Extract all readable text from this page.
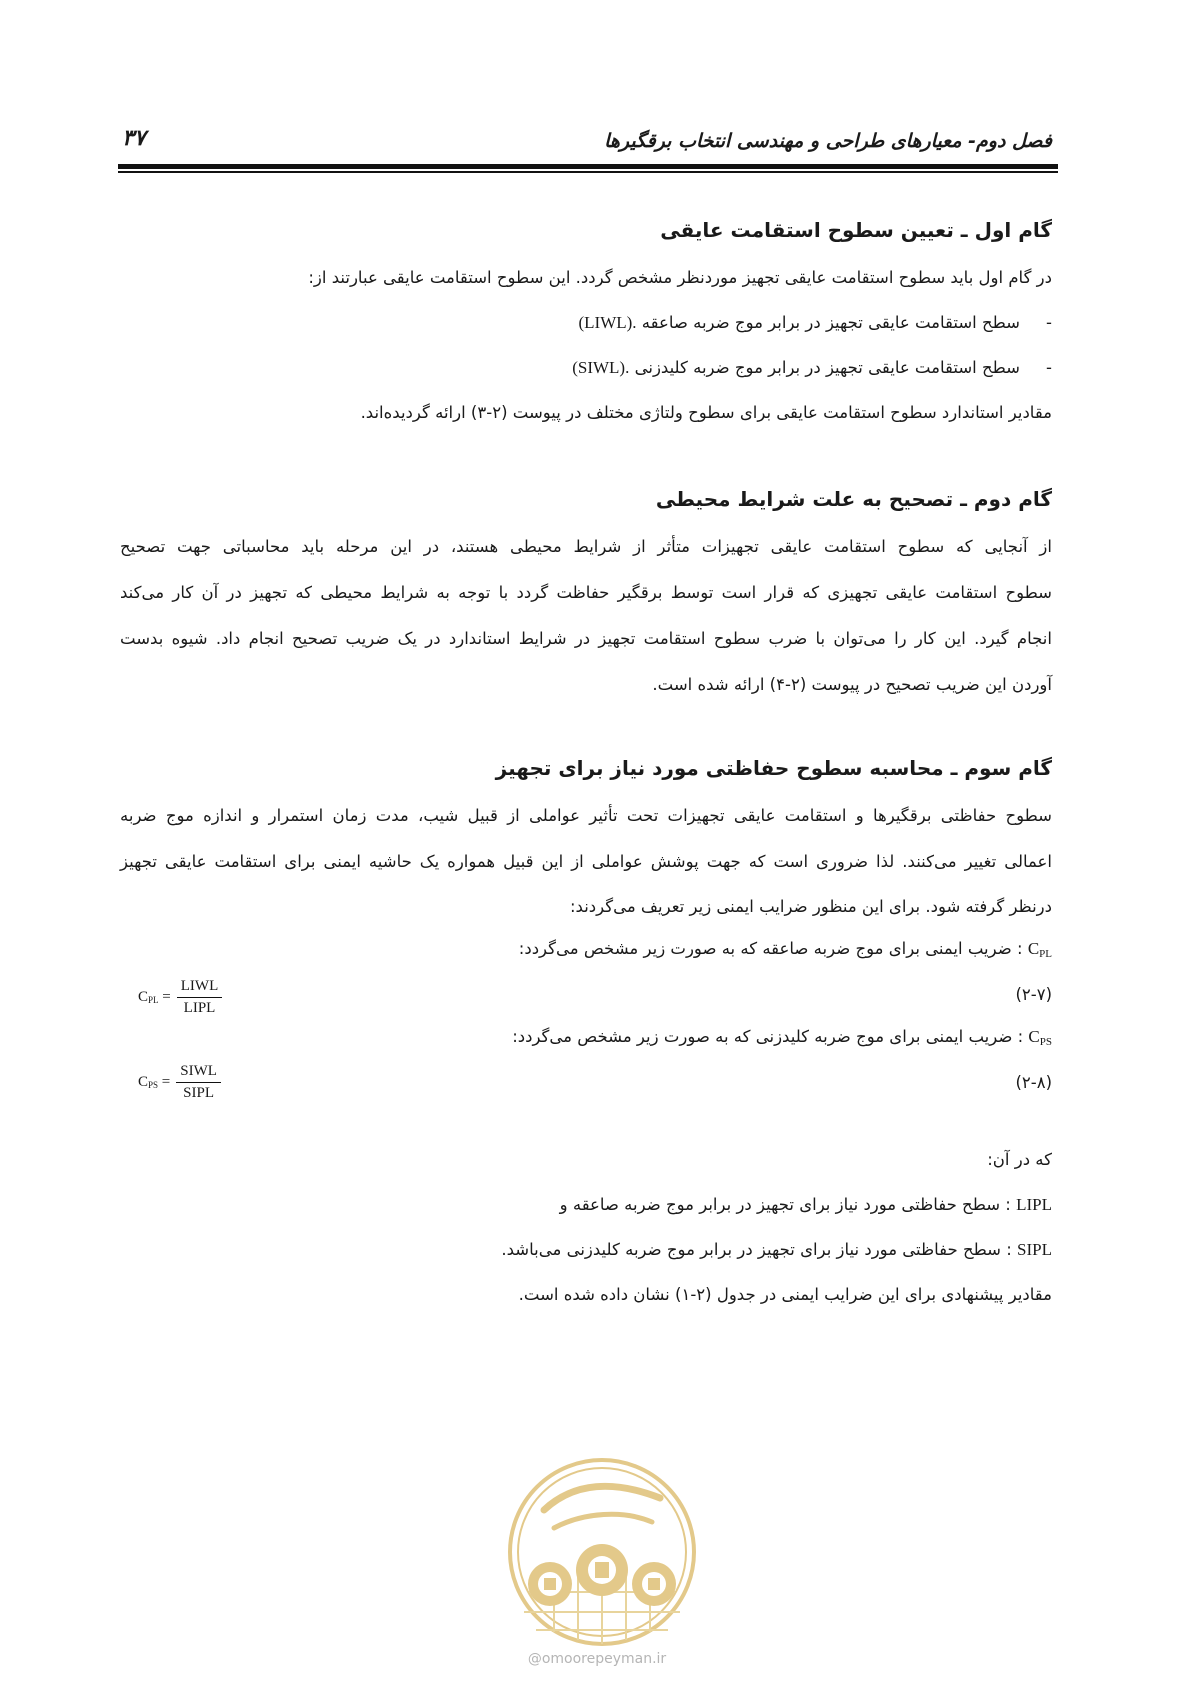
فصل دوم- معیارهای طراحی و مهندسی انتخاب برقگیرها
۳۷
گام اول ـ تعیین سطوح استقامت عایقی
در گام اول باید سطوح استقامت عایقی تجهیز موردنظر مشخص گردد. این سطوح استقامت عایقی عبارتند از:
-
سطح استقامت عایقی تجهیز در برابر موج ضربه صاعقه (LIWL).
-
سطح استقامت عایقی تجهیز در برابر موج ضربه کلیدزنی (SIWL).
مقادیر استاندارد سطوح استقامت عایقی برای سطوح ولتاژی مختلف در پیوست (۲-۳) ارائه گردیده‌اند.
گام دوم ـ تصحیح به علت شرایط محیطی
از آنجایی که سطوح استقامت عایقی تجهیزات متأثر از شرایط محیطی هستند، در این مرحله باید محاسباتی جهت تصحیح
سطوح استقامت عایقی تجهیزی که قرار است توسط برقگیر حفاظت گردد با توجه به شرایط محیطی که تجهیز در آن کار می‌کند
انجام گیرد. این کار را می‌توان با ضرب سطوح استقامت تجهیز در شرایط استاندارد در یک ضریب تصحیح انجام داد. شیوه بدست
آوردن این ضریب تصحیح در پیوست (۲-۴) ارائه شده است.
گام سوم ـ محاسبه سطوح حفاظتی مورد نیاز برای تجهیز
سطوح حفاظتی برقگیرها و استقامت عایقی تجهیزات تحت تأثیر عواملی از قبیل شیب، مدت زمان استمرار و اندازه موج ضربه
اعمالی تغییر می‌کنند. لذا ضروری است که جهت پوشش عواملی از این قبیل همواره یک حاشیه ایمنی برای استقامت عایقی تجهیز
درنظر گرفته شود. برای این منظور ضرایب ایمنی زیر تعریف می‌گردند:
$C_{PL}$ : ضریب ایمنی برای موج ضربه صاعقه که به صورت زیر مشخص می‌گردد:
(۲-۷)
CPL = $\frac{\text{LIWL}}{\text{LIPL}}$
$C_{PS}$ : ضریب ایمنی برای موج ضربه کلیدزنی که به صورت زیر مشخص می‌گردد:
(۲-۸)
CPS = $\frac{\text{SIWL}}{\text{SIPL}}$
که در آن:
LIPL : سطح حفاظتی مورد نیاز برای تجهیز در برابر موج ضربه صاعقه و
SIPL : سطح حفاظتی مورد نیاز برای تجهیز در برابر موج ضربه کلیدزنی می‌باشد.
مقادیر پیشنهادی برای این ضرایب ایمنی در جدول (۲-۱) نشان داده شده است.
@omoorepeyman.ir
